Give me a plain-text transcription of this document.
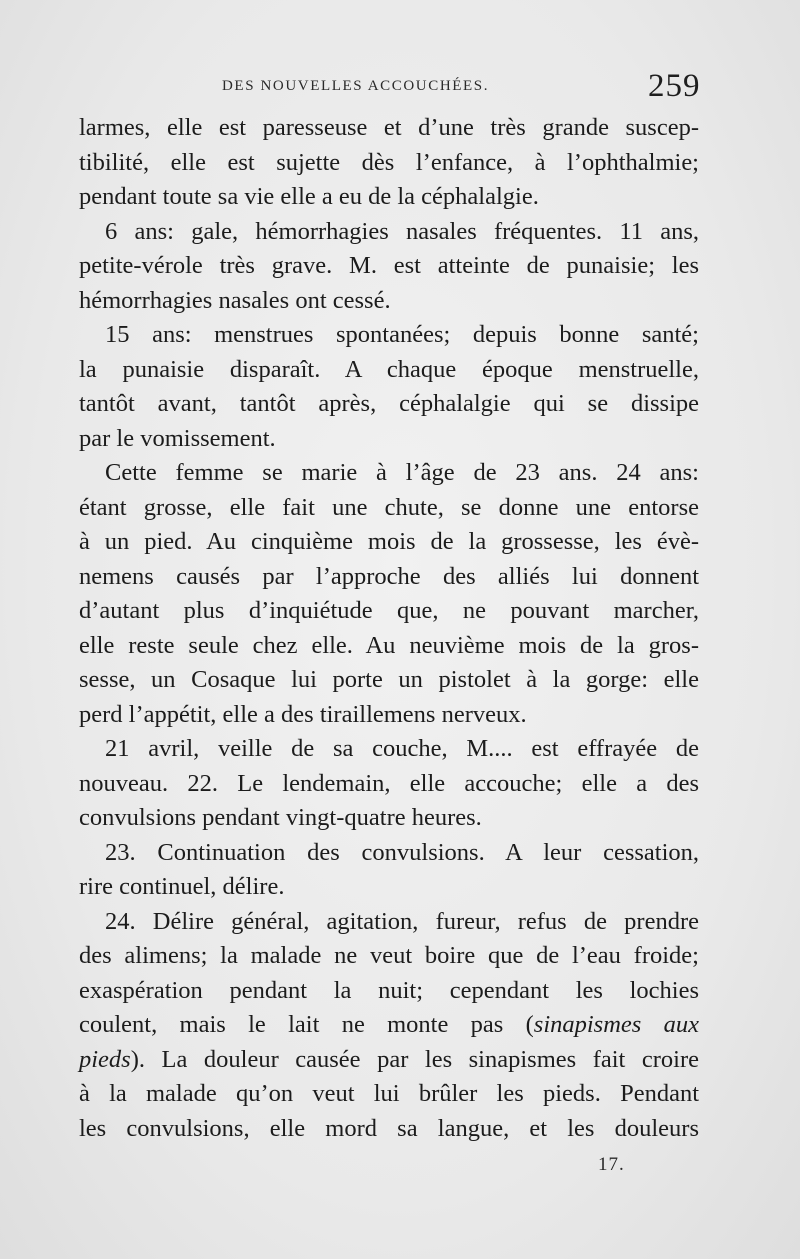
DES NOUVELLES ACCOUCHÉES.	259
larmes, elle est paresseuse et d’une très grande suscep-
tibilité, elle est sujette dès l’enfance, à l’ophthalmie;
pendant toute sa vie elle a eu de la céphalalgie.
6 ans: gale, hémorrhagies nasales fréquentes. 11 ans,
petite-vérole très grave. M. est atteinte de punaisie; les
hémorrhagies nasales ont cessé.
15 ans: menstrues spontanées; depuis bonne santé;
la punaisie disparaît. A chaque époque menstruelle,
tantôt avant, tantôt après, céphalalgie qui se dissipe
par le vomissement.
Cette femme se marie à l’âge de 23 ans. 24 ans:
étant grosse, elle fait une chute, se donne une entorse
à un pied. Au cinquième mois de la grossesse, les évè-
nemens causés par l’approche des alliés lui donnent
d’autant plus d’inquiétude que, ne pouvant marcher,
elle reste seule chez elle. Au neuvième mois de la gros-
sesse, un Cosaque lui porte un pistolet à la gorge: elle
perd l’appétit, elle a des tiraillemens nerveux.
21 avril, veille de sa couche, M.... est effrayée de
nouveau. 22. Le lendemain, elle accouche; elle a des
convulsions pendant vingt-quatre heures.
23. Continuation des convulsions. A leur cessation,
rire continuel, délire.
24. Délire général, agitation, fureur, refus de prendre
des alimens; la malade ne veut boire que de l’eau froide;
exaspération pendant la nuit; cependant les lochies
coulent, mais le lait ne monte pas (sinapismes aux
pieds). La douleur causée par les sinapismes fait croire
à la malade qu’on veut lui brûler les pieds. Pendant
les convulsions, elle mord sa langue, et les douleurs
17.
